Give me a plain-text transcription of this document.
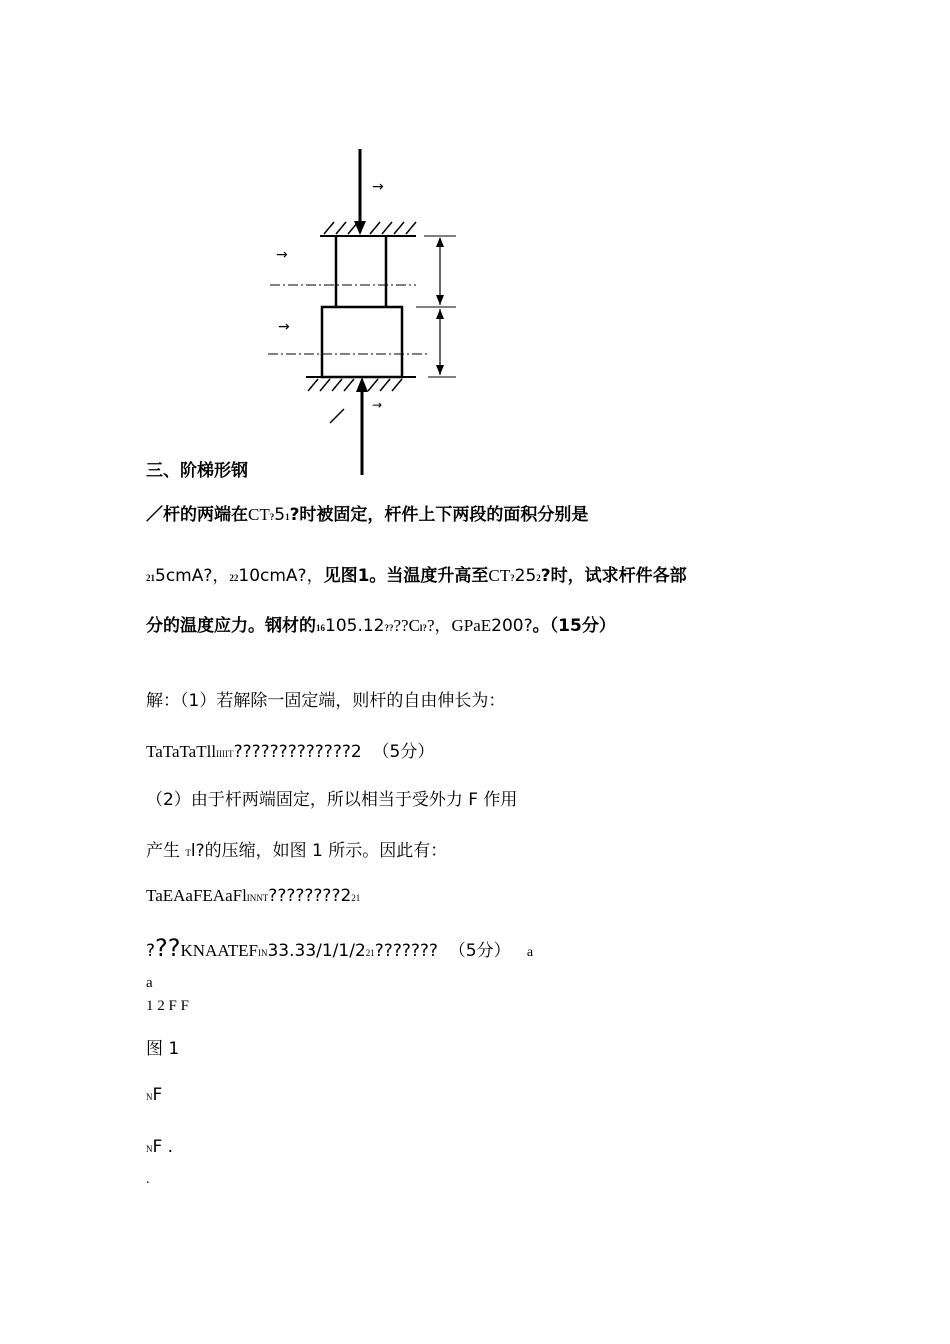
→
→
→
→
三、阶梯形钢
／杆的两端在CT?51?时被固定，杆件上下两段的面积分别是
215cmA?，2210cmA?，见图1。当温度升高至CT?252?时，试求杆件各部
分的温度应力。钢材的16105.12????Cl??，GPaE200?。（15分）
解：（1）若解除一固定端，则杆的自由伸长为：
TaTaTaTllIIIIT?????????????2 （5分）
（2）由于杆两端固定，所以相当于受外力 F 作用
产生 Tl?的压缩，如图 1 所示。因此有：
TaEAaFEAaFlINNT????????221
???KNAATEFIN33.33/1/1/221??????? （5分） a
a
1 2 F F
图 1
NF
NF .
.
